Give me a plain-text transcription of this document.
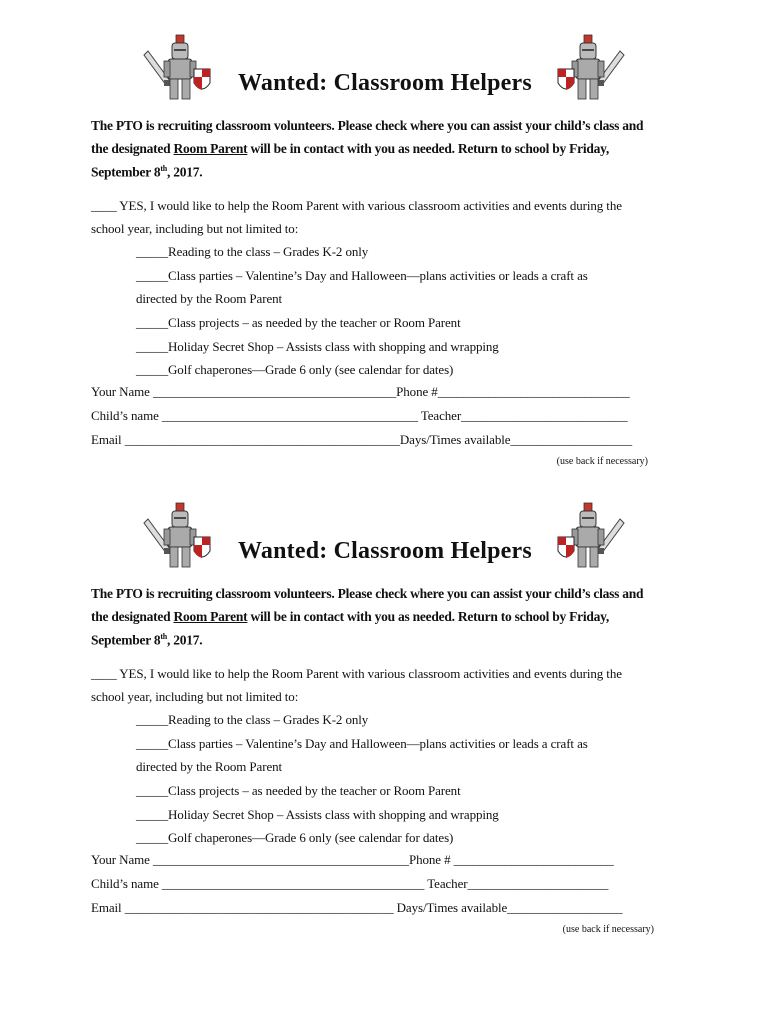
Wanted: Classroom Helpers
The PTO is recruiting classroom volunteers. Please check where you can assist your child’s class and
the designated Room Parent will be in contact with you as needed. Return to school by Friday,
September 8th, 2017.
____ YES, I would like to help the Room Parent with various classroom activities and events during the
school year, including but not limited to:
_____Reading to the class – Grades K-2 only
_____Class parties – Valentine’s Day and Halloween—plans activities or leads a craft as
directed by the Room Parent
_____Class projects – as needed by the teacher or Room Parent
_____Holiday Secret Shop – Assists class with shopping and wrapping
_____Golf chaperones—Grade 6 only (see calendar for dates)
Your Name ______________________________________Phone #______________________________
Child’s name ________________________________________ Teacher__________________________
Email ___________________________________________Days/Times available___________________
(use back if necessary)
Wanted: Classroom Helpers
The PTO is recruiting classroom volunteers. Please check where you can assist your child’s class and
the designated Room Parent will be in contact with you as needed. Return to school by Friday,
September 8th, 2017.
____ YES, I would like to help the Room Parent with various classroom activities and events during the
school year, including but not limited to:
_____Reading to the class – Grades K-2 only
_____Class parties – Valentine’s Day and Halloween—plans activities or leads a craft as
directed by the Room Parent
_____Class projects – as needed by the teacher or Room Parent
_____Holiday Secret Shop – Assists class with shopping and wrapping
_____Golf chaperones—Grade 6 only (see calendar for dates)
Your Name ________________________________________Phone # _________________________
Child’s name _________________________________________ Teacher______________________
Email __________________________________________ Days/Times available__________________
(use back if necessary)
